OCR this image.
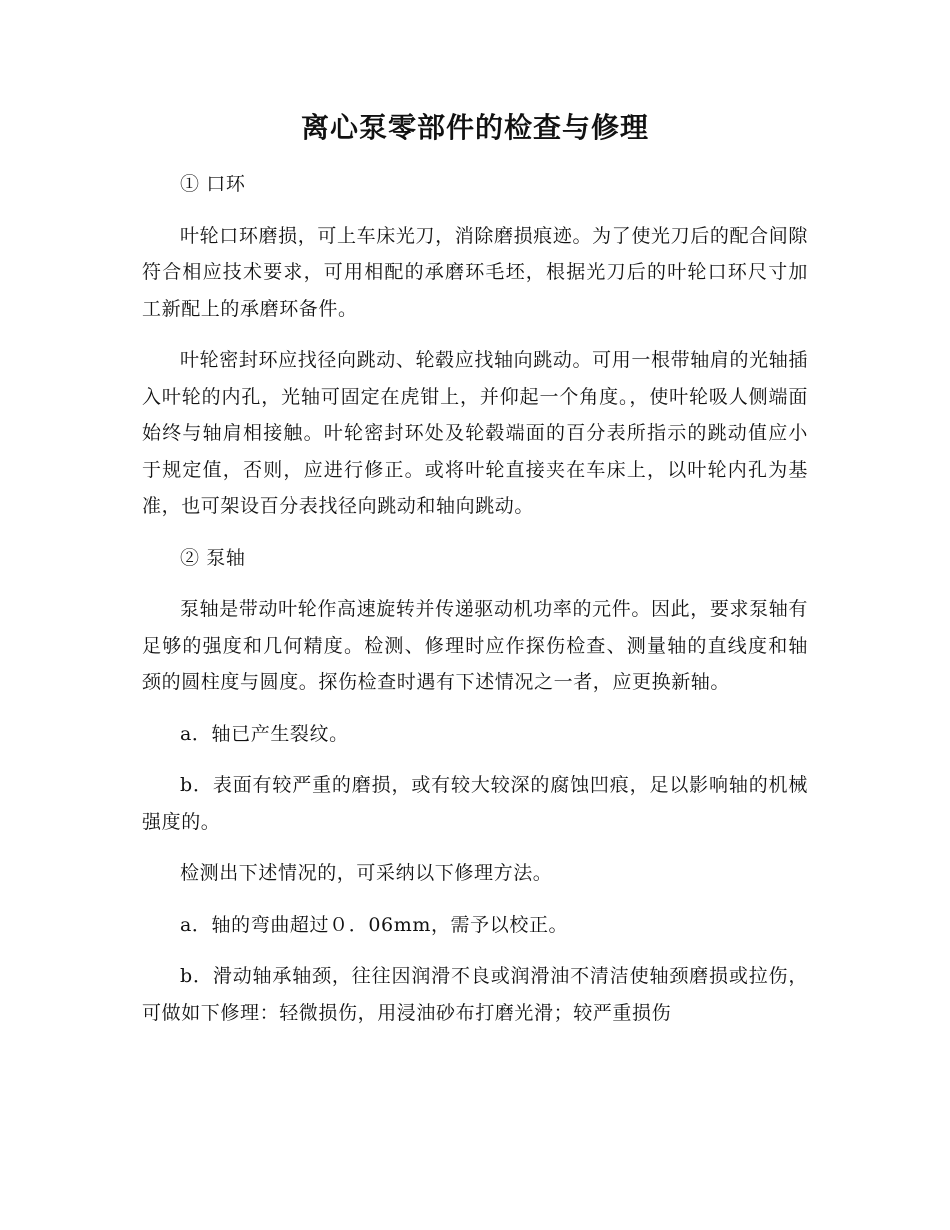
离心泵零部件的检查与修理

① 口环

叶轮口环磨损，可上车床光刀，消除磨损痕迹。为了使光刀后的配合间隙符合相应技术要求，可用相配的承磨环毛坯，根据光刀后的叶轮口环尺寸加工新配上的承磨环备件。

叶轮密封环应找径向跳动、轮毂应找轴向跳动。可用一根带轴肩的光轴插入叶轮的内孔，光轴可固定在虎钳上，并仰起一个角度。，使叶轮吸人侧端面始终与轴肩相接触。叶轮密封环处及轮毂端面的百分表所指示的跳动值应小于规定值，否则，应进行修正。或将叶轮直接夹在车床上，以叶轮内孔为基准，也可架设百分表找径向跳动和轴向跳动。

② 泵轴

泵轴是带动叶轮作高速旋转并传递驱动机功率的元件。因此，要求泵轴有足够的强度和几何精度。检测、修理时应作探伤检查、测量轴的直线度和轴颈的圆柱度与圆度。探伤检查时遇有下述情况之一者，应更换新轴。

a．轴已产生裂纹。

b．表面有较严重的磨损，或有较大较深的腐蚀凹痕，足以影响轴的机械强度的。

检测出下述情况的，可采纳以下修理方法。

a．轴的弯曲超过０．06mm，需予以校正。

b．滑动轴承轴颈，往往因润滑不良或润滑油不清洁使轴颈磨损或拉伤，可做如下修理：轻微损伤，用浸油砂布打磨光滑；较严重损伤
